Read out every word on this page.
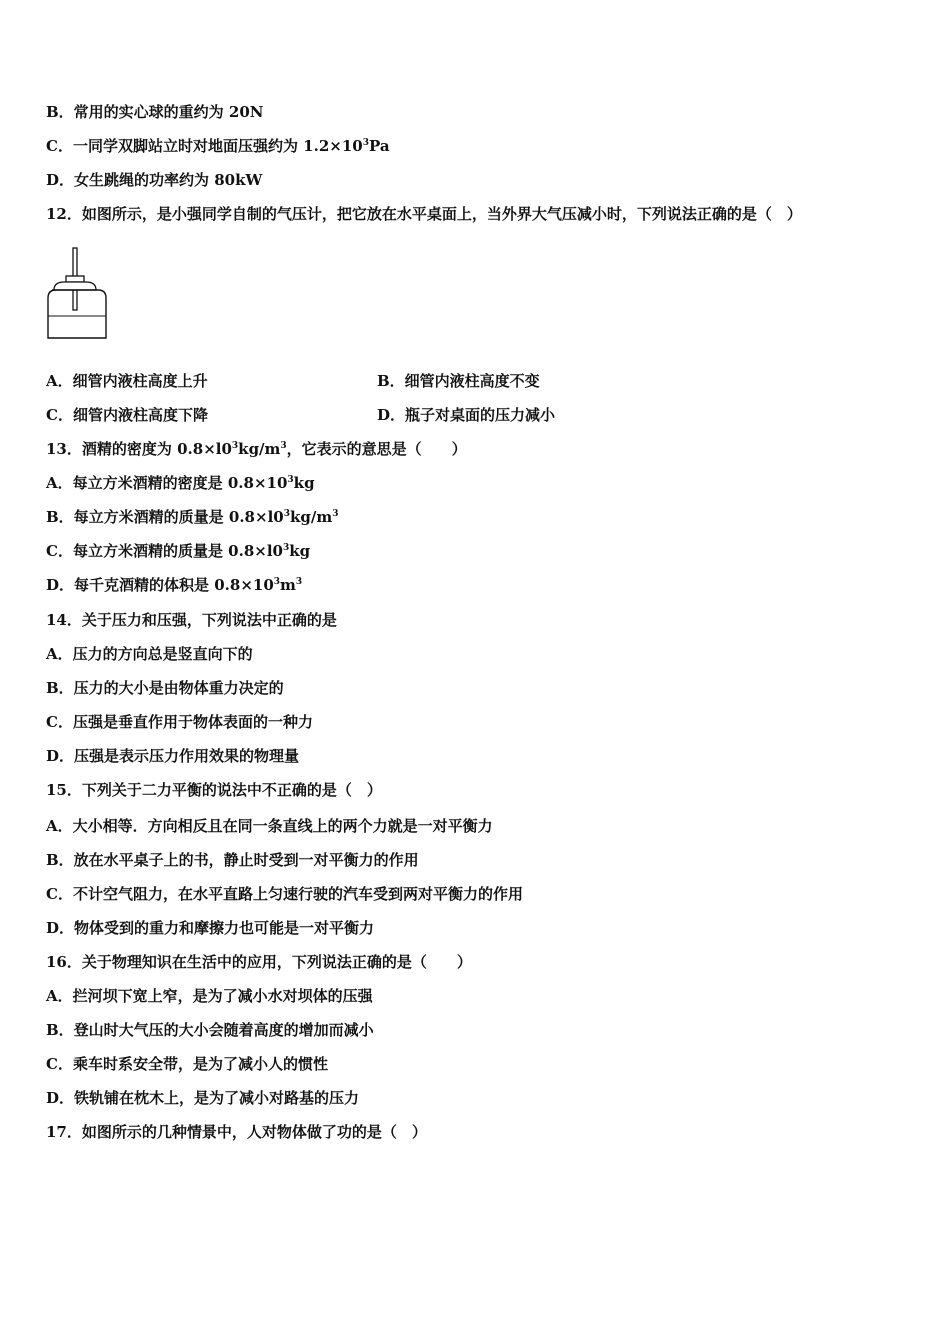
B．常用的实心球的重约为 20N
C．一同学双脚站立时对地面压强约为 $1.2\times 10^3Pa$
D．女生跳绳的功率约为 80kW
12．如图所示，是小强同学自制的气压计，把它放在水平桌面上，当外界大气压减小时，下列说法正确的是（　）
A．细管内液柱高度上升	B．细管内液柱高度不变
C．细管内液柱高度下降	D．瓶子对桌面的压力减小
13．酒精的密度为 $0.8\times l0^3kg/m^3$，它表示的意思是（　　）
A．每立方米酒精的密度是 $0.8\times 10^3kg$
B．每立方米酒精的质量是 $0.8\times l0^3kg/m^3$
C．每立方米酒精的质量是 $0.8\times l0^3kg$
D．每千克酒精的体积是 $0.8\times 10^3m^3$
14．关于压力和压强，下列说法中正确的是
A．压力的方向总是竖直向下的
B．压力的大小是由物体重力决定的
C．压强是垂直作用于物体表面的一种力
D．压强是表示压力作用效果的物理量
15．下列关于二力平衡的说法中不正确的是（　）
A．大小相等．方向相反且在同一条直线上的两个力就是一对平衡力
B．放在水平桌子上的书，静止时受到一对平衡力的作用
C．不计空气阻力，在水平直路上匀速行驶的汽车受到两对平衡力的作用
D．物体受到的重力和摩擦力也可能是一对平衡力
16．关于物理知识在生活中的应用，下列说法正确的是（　　）
A．拦河坝下宽上窄，是为了减小水对坝体的压强
B．登山时大气压的大小会随着高度的增加而减小
C．乘车时系安全带，是为了减小人的惯性
D．铁轨铺在枕木上，是为了减小对路基的压力
17．如图所示的几种情景中，人对物体做了功的是（　）
